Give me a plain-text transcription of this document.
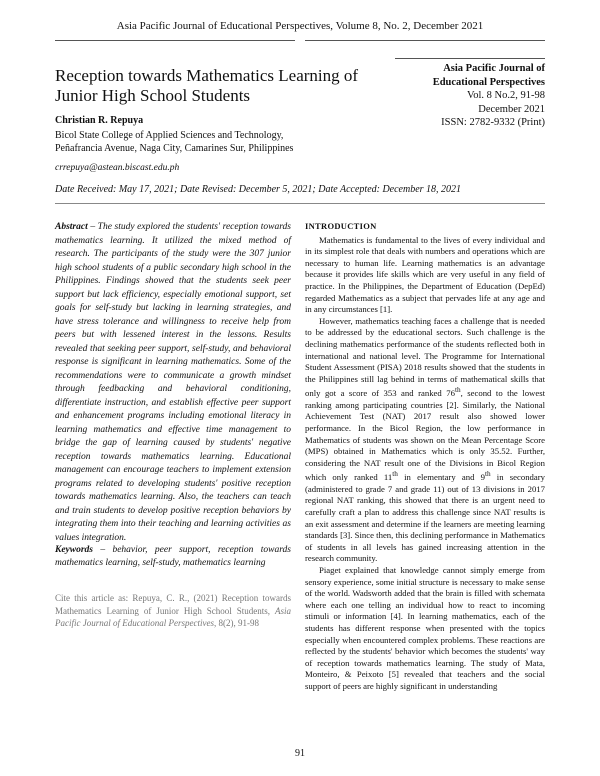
Asia Pacific Journal of Educational Perspectives, Volume 8, No. 2, December 2021
Reception towards Mathematics Learning of Junior High School Students
Asia Pacific Journal of
Educational Perspectives
Vol. 8 No.2, 91-98
December 2021
ISSN: 2782-9332 (Print)
Christian R. Repuya
Bicol State College of Applied Sciences and Technology,
Peñafrancia Avenue, Naga City, Camarines Sur, Philippines
crrepuya@astean.biscast.edu.ph
Date Received: May 17, 2021; Date Revised: December 5, 2021; Date Accepted: December 18, 2021
Abstract – The study explored the students' reception towards mathematics learning. It utilized the mixed method of research. The participants of the study were the 307 junior high school students of a public secondary high school in the Philippines. Findings showed that the students seek peer support but lack efficiency, especially emotional support, set goals for self-study but lacking in learning strategies, and have stress tolerance and willingness to receive help from peers but with lessened interest in the lessons. Results revealed that seeking peer support, self-study, and behavioral response is significant in learning mathematics. Some of the recommendations were to communicate a growth mindset through feedbacking and behavioral conditioning, differentiate instruction, and establish effective peer support and enhancement programs including emotional literacy in learning mathematics and effective time management to bridge the gap of learning caused by students' negative reception towards mathematics learning. Educational management can encourage teachers to implement extension programs related to developing students' positive reception towards mathematics learning. Also, the teachers can teach and train students to develop positive reception behaviors by integrating them into their teaching and learning activities as values integration.
Keywords – behavior, peer support, reception towards mathematics learning, self-study, mathematics learning
Cite this article as: Repuya, C. R., (2021) Reception towards Mathematics Learning of Junior High School Students, Asia Pacific Journal of Educational Perspectives, 8(2), 91-98

INTRODUCTION

Mathematics is fundamental to the lives of every individual and in its simplest role that deals with numbers and operations which are necessary to human life. Learning mathematics is an advantage because it provides life skills which are very useful in any field of practice. In the Philippines, the Department of Education (DepEd) regarded Mathematics as a subject that pervades life at any age and in any circumstances [1].

However, mathematics teaching faces a challenge that is needed to be addressed by the educational sectors. Such challenge is the declining mathematics performance of the students reflected both in international and national level. The Programme for International Student Assessment (PISA) 2018 results showed that the students in the Philippines still lag behind in terms of mathematical skills that only got a score of 353 and ranked 76th, second to the lowest ranking among participating countries [2]. Similarly, the National Achievement Test (NAT) 2017 result also showed lower performance. In the Bicol Region, the low performance in Mathematics of students was shown on the Mean Percentage Score (MPS) obtained in Mathematics which is only 35.52. Further, considering the NAT result one of the Divisions in Bicol Region which only ranked 11th in elementary and 9th in secondary (administered to grade 7 and grade 11) out of 13 divisions in 2017 regional NAT ranking, this showed that there is an urgent need to carefully craft a plan to address this challenge since NAT results is an exit assessment and determine if the learners are meeting learning standards [3]. Since then, this declining performance in Mathematics of students in all levels has gained increasing attention in the research community.

Piaget explained that knowledge cannot simply emerge from sensory experience, some initial structure is necessary to make sense of the world. Wadsworth added that the brain is filled with schemata where each one telling an individual how to react to incoming stimuli or information [4]. In learning mathematics, each of the students has different response when presented with the topics especially when encountered complex problems. These reactions are reflected by the students' behavior which becomes the students' way of reception towards mathematics learning. The study of Mata, Monteiro, & Peixoto [5] revealed that teachers and the social support of peers are highly significant in understanding

91
